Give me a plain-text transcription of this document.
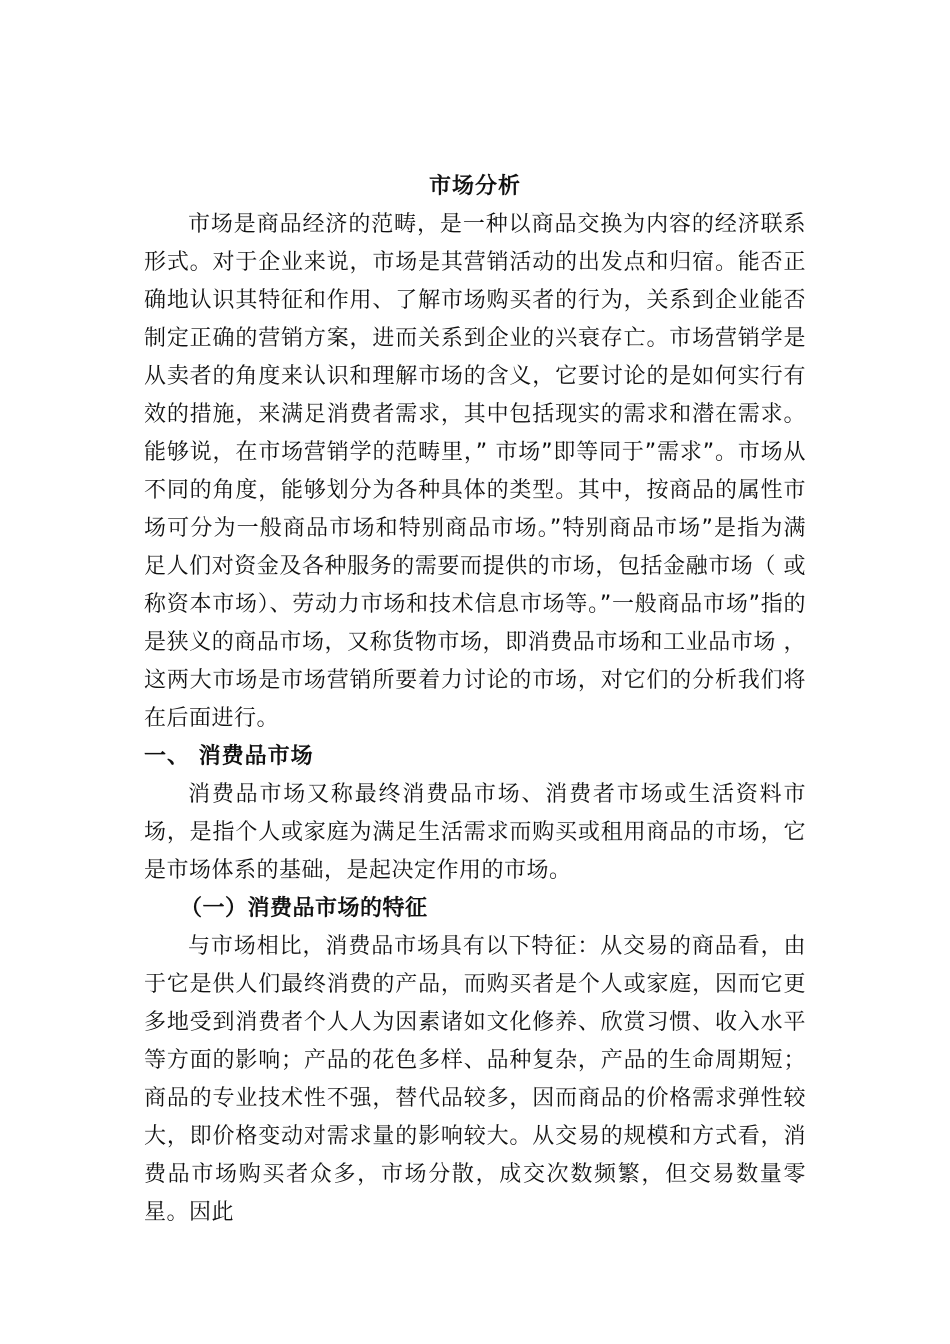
市场分析

市场是商品经济的范畴，是一种以商品交换为内容的经济联系形式。对于企业来说，市场是其营销活动的出发点和归宿。能否正确地认识其特征和作用、了解市场购买者的行为，关系到企业能否制定正确的营销方案，进而关系到企业的兴衰存亡。市场营销学是从卖者的角度来认识和理解市场的含义，它要讨论的是如何实行有效的措施，来满足消费者需求，其中包括现实的需求和潜在需求。能够说，在市场营销学的范畴里，” 市场”即等同于”需求”。市场从不同的角度，能够划分为各种具体的类型。其中，按商品的属性市场可分为一般商品市场和特别商品市场。”特别商品市场”是指为满足人们对资金及各种服务的需要而提供的市场，包括金融市场（ 或称资本市场）、劳动力市场和技术信息市场等。”一般商品市场”指的是狭义的商品市场，又称货物市场，即消费品市场和工业品市场 ，这两大市场是市场营销所要着力讨论的市场，对它们的分析我们将在后面进行。

一、 消费品市场

消费品市场又称最终消费品市场、消费者市场或生活资料市场，是指个人或家庭为满足生活需求而购买或租用商品的市场，它是市场体系的基础，是起决定作用的市场。

（一）消费品市场的特征

与市场相比，消费品市场具有以下特征：从交易的商品看，由于它是供人们最终消费的产品，而购买者是个人或家庭，因而它更多地受到消费者个人人为因素诸如文化修养、欣赏习惯、收入水平等方面的影响；产品的花色多样、品种复杂，产品的生命周期短；商品的专业技术性不强，替代品较多，因而商品的价格需求弹性较大，即价格变动对需求量的影响较大。从交易的规模和方式看，消费品市场购买者众多，市场分散，成交次数频繁，但交易数量零星。因此
